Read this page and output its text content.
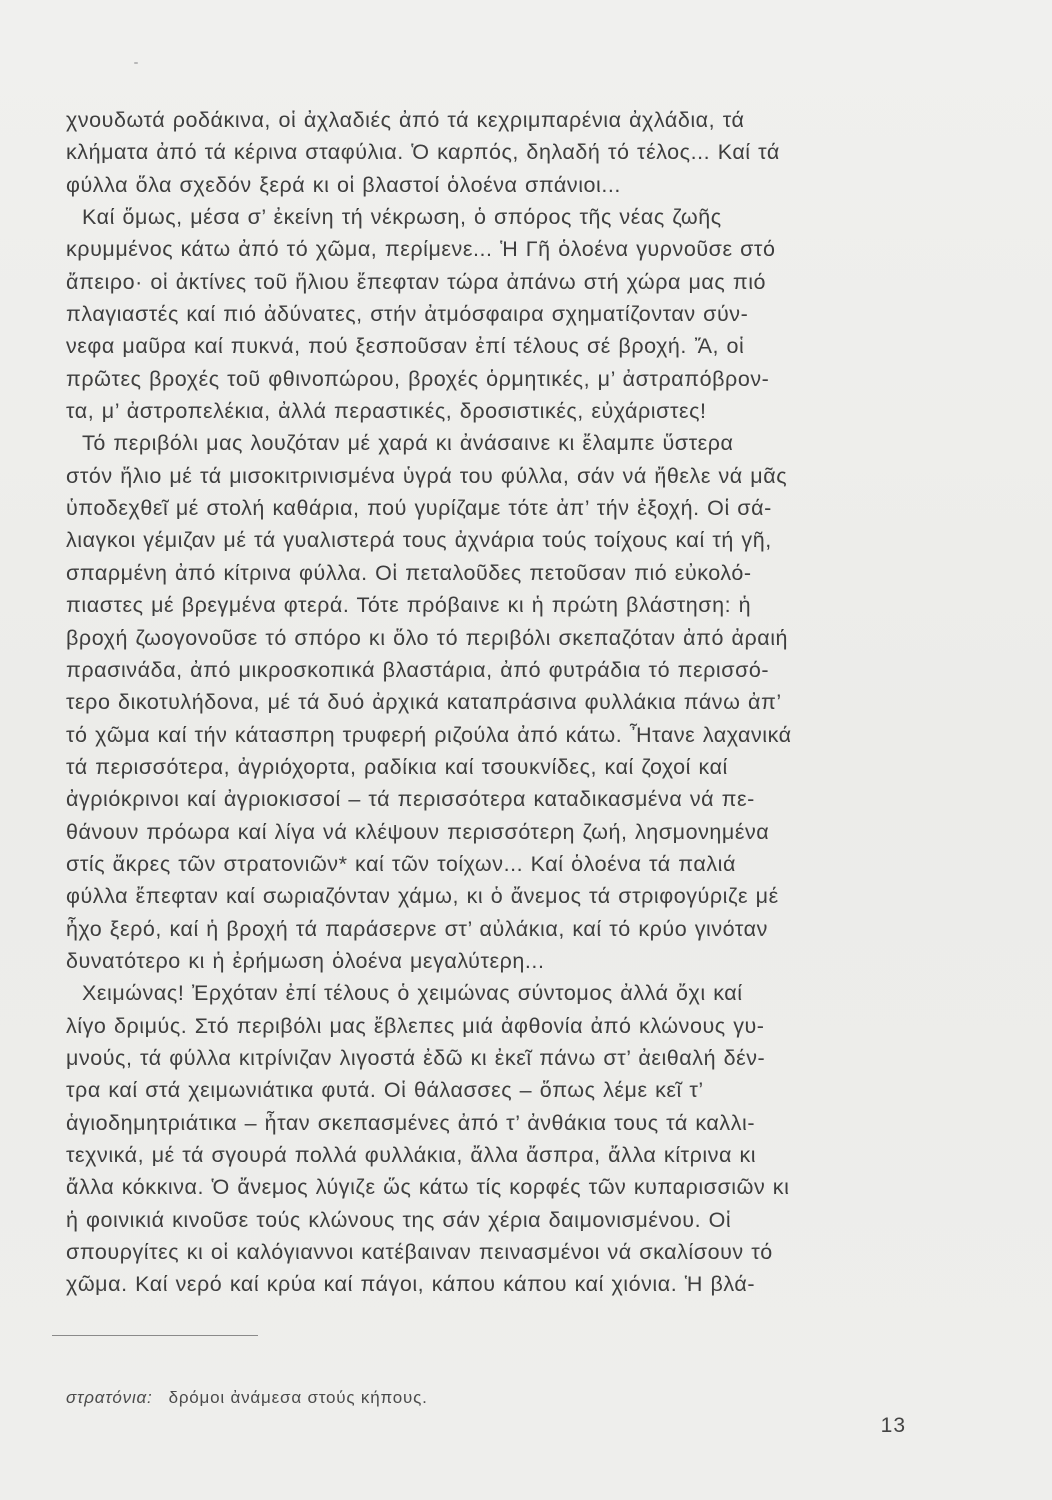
χνουδωτά ροδάκινα, οἱ ἀχλαδιές ἀπό τά κεχριμπαρένια ἀχλάδια, τά
κλήματα ἀπό τά κέρινα σταφύλια. Ὁ καρπός, δηλαδή τό τέλος... Καί τά
φύλλα ὅλα σχεδόν ξερά κι οἱ βλαστοί ὁλοένα σπάνιοι...
Καί ὅμως, μέσα σ’ ἐκείνη τή νέκρωση, ὁ σπόρος τῆς νέας ζωῆς
κρυμμένος κάτω ἀπό τό χῶμα, περίμενε... Ἡ Γῆ ὁλοένα γυρνοῦσε στό
ἄπειρο· οἱ ἀκτίνες τοῦ ἥλιου ἔπεφταν τώρα ἀπάνω στή χώρα μας πιό
πλαγιαστές καί πιό ἀδύνατες, στήν ἀτμόσφαιρα σχηματίζονταν σύν-
νεφα μαῦρα καί πυκνά, πού ξεσποῦσαν ἐπί τέλους σέ βροχή. Ἄ, οἱ
πρῶτες βροχές τοῦ φθινοπώρου, βροχές ὁρμητικές, μ’ ἀστραπόβρον-
τα, μ’ ἀστροπελέκια, ἀλλά περαστικές, δροσιστικές, εὐχάριστες!
Τό περιβόλι μας λουζόταν μέ χαρά κι ἀνάσαινε κι ἔλαμπε ὕστερα
στόν ἥλιο μέ τά μισοκιτρινισμένα ὑγρά του φύλλα, σάν νά ἤθελε νά μᾶς
ὑποδεχθεῖ μέ στολή καθάρια, πού γυρίζαμε τότε ἀπ’ τήν ἐξοχή. Οἱ σά-
λιαγκοι γέμιζαν μέ τά γυαλιστερά τους ἀχνάρια τούς τοίχους καί τή γῆ,
σπαρμένη ἀπό κίτρινα φύλλα. Οἱ πεταλοῦδες πετοῦσαν πιό εὐκολό-
πιαστες μέ βρεγμένα φτερά. Τότε πρόβαινε κι ἡ πρώτη βλάστηση: ἡ
βροχή ζωογονοῦσε τό σπόρο κι ὅλο τό περιβόλι σκεπαζόταν ἀπό ἀραιή
πρασινάδα, ἀπό μικροσκοπικά βλαστάρια, ἀπό φυτράδια τό περισσό-
τερο δικοτυλήδονα, μέ τά δυό ἀρχικά καταπράσινα φυλλάκια πάνω ἀπ’
τό χῶμα καί τήν κάτασπρη τρυφερή ριζούλα ἀπό κάτω. Ἦτανε λαχανικά
τά περισσότερα, ἀγριόχορτα, ραδίκια καί τσουκνίδες, καί ζοχοί καί
ἀγριόκρινοι καί ἀγριοκισσοί – τά περισσότερα καταδικασμένα νά πε-
θάνουν πρόωρα καί λίγα νά κλέψουν περισσότερη ζωή, λησμονημένα
στίς ἄκρες τῶν στρατονιῶν* καί τῶν τοίχων... Καί ὁλοένα τά παλιά
φύλλα ἔπεφταν καί σωριαζόνταν χάμω, κι ὁ ἄνεμος τά στριφογύριζε μέ
ἦχο ξερό, καί ἡ βροχή τά παράσερνε στ’ αὐλάκια, καί τό κρύο γινόταν
δυνατότερο κι ἡ ἐρήμωση ὁλοένα μεγαλύτερη...
Χειμώνας! Ἐρχόταν ἐπί τέλους ὁ χειμώνας σύντομος ἀλλά ὄχι καί
λίγο δριμύς. Στό περιβόλι μας ἔβλεπες μιά ἀφθονία ἀπό κλώνους γυ-
μνούς, τά φύλλα κιτρίνιζαν λιγοστά ἐδῶ κι ἐκεῖ πάνω στ’ ἀειθαλή δέν-
τρα καί στά χειμωνιάτικα φυτά. Οἱ θάλασσες – ὅπως λέμε κεῖ τ’
ἁγιοδημητριάτικα – ἦταν σκεπασμένες ἀπό τ’ ἀνθάκια τους τά καλλι-
τεχνικά, μέ τά σγουρά πολλά φυλλάκια, ἄλλα ἄσπρα, ἄλλα κίτρινα κι
ἄλλα κόκκινα. Ὁ ἄνεμος λύγιζε ὥς κάτω τίς κορφές τῶν κυπαρισσιῶν κι
ἡ φοινικιά κινοῦσε τούς κλώνους της σάν χέρια δαιμονισμένου. Οἱ
σπουργίτες κι οἱ καλόγιαννοι κατέβαιναν πεινασμένοι νά σκαλίσουν τό
χῶμα. Καί νερό καί κρύα καί πάγοι, κάπου κάπου καί χιόνια. Ἡ βλά-
στρατόνια: δρόμοι ἀνάμεσα στούς κήπους.
13
